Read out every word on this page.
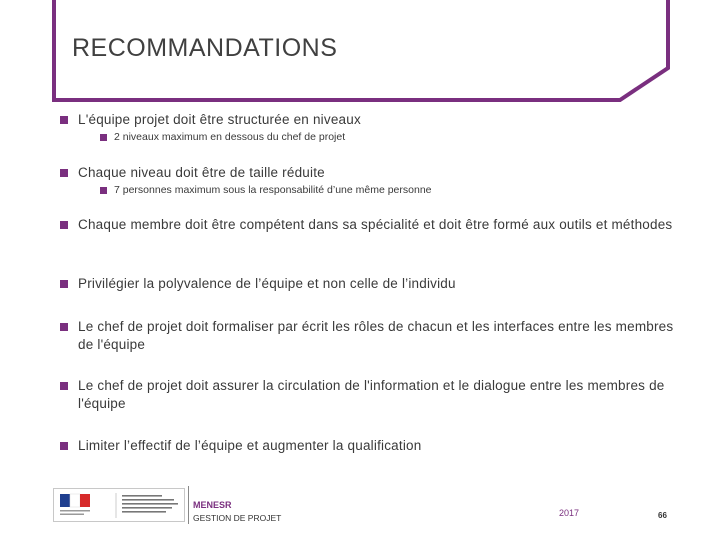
RECOMMANDATIONS
L'équipe projet doit être structurée en niveaux
2 niveaux maximum en dessous du chef de projet
Chaque niveau doit être de taille réduite
7 personnes maximum sous la responsabilité d’une même personne
Chaque membre doit être compétent dans sa spécialité et doit être formé aux outils et méthodes
Privilégier la polyvalence de l’équipe et non celle de l’individu
Le chef de projet doit formaliser par écrit les rôles de chacun et les interfaces entre les membres de l'équipe
Le chef de projet doit assurer la circulation de l'information et le dialogue entre les membres de l'équipe
Limiter l’effectif de l’équipe et augmenter la qualification
MENESR
GESTION DE PROJET	2017	66
